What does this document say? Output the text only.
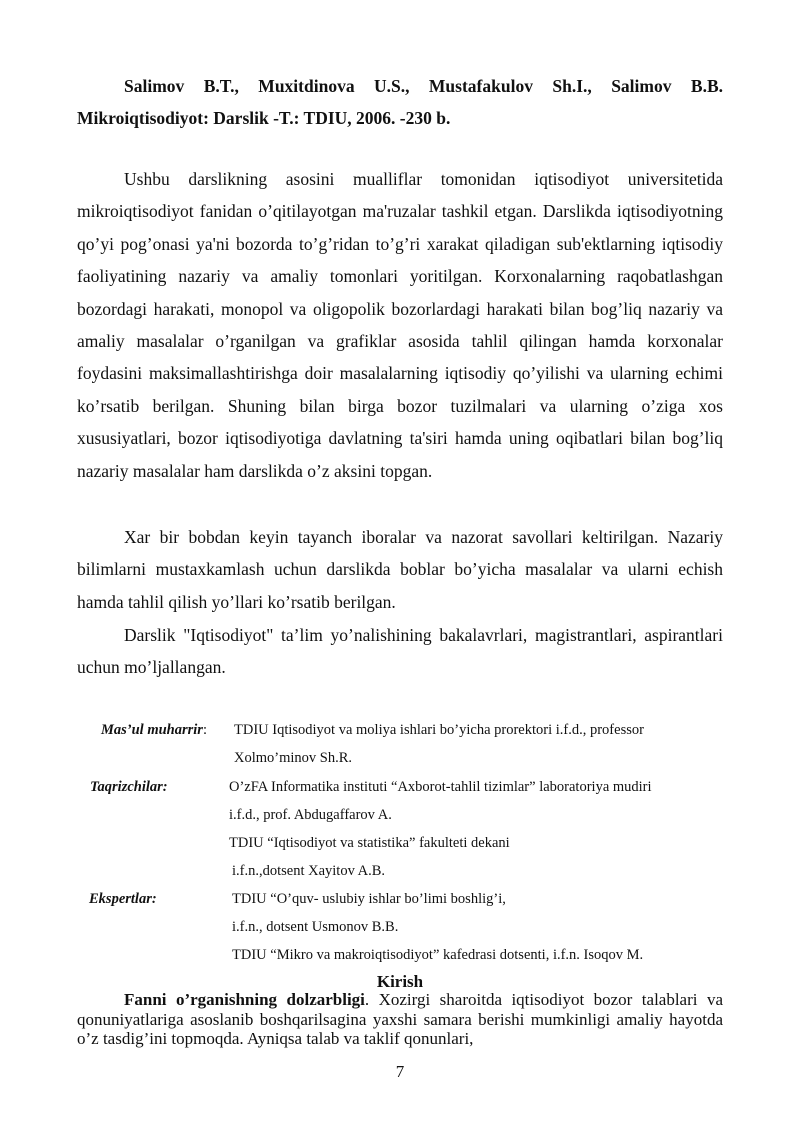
Salimov B.T., Muxitdinova U.S., Mustafakulov Sh.I., Salimov B.B. Mikroiqtisodiyot: Darslik -T.: TDIU, 2006. -230 b.

Ushbu darslikning asosini mualliflar tomonidan iqtisodiyot universitetida mikroiqtisodiyot fanidan o’qitilayotgan ma'ruzalar tashkil etgan. Darslikda iqtisodiyotning qo’yi pog’onasi ya'ni bozorda to’g’ridan to’g’ri xarakat qiladigan sub'ektlarning iqtisodiy faoliyatining nazariy va amaliy tomonlari yoritilgan. Korxonalarning raqobatlashgan bozordagi harakati, monopol va oligopolik bozorlardagi harakati bilan bog’liq nazariy va amaliy masalalar o’rganilgan va grafiklar asosida tahlil qilingan hamda korxonalar foydasini maksimallashtirishga doir masalalarning iqtisodiy qo’yilishi va ularning echimi ko’rsatib berilgan. Shuning bilan birga bozor tuzilmalari va ularning o’ziga xos xususiyatlari, bozor iqtisodiyotiga davlatning ta'siri hamda uning oqibatlari bilan bog’liq nazariy masalalar ham darslikda o’z aksini topgan.

Xar bir bobdan keyin tayanch iboralar va nazorat savollari keltirilgan. Nazariy bilimlarni mustaxkamlash uchun darslikda boblar bo’yicha masalalar va ularni echish hamda tahlil qilish yo’llari ko’rsatib berilgan.

Darslik "Iqtisodiyot" ta’lim yo’nalishining bakalavrlari, magistrantlari, aspirantlari uchun mo’ljallangan.

Mas’ul muharrir: TDIU Iqtisodiyot va moliya ishlari bo’yicha prorektori i.f.d., professor
Xolmo’minov Sh.R.
Taqrizchilar:	O’zFA Informatika instituti “Axborot-tahlil tizimlar” laboratoriya mudiri
i.f.d., prof. Abdugaffarov A.
TDIU “Iqtisodiyot va statistika” fakulteti dekani
i.f.n.,dotsent Xayitov A.B.
Ekspertlar:	TDIU “O’quv- uslubiy ishlar bo’limi boshlig’i,
i.f.n., dotsent Usmonov B.B.
TDIU “Mikro va makroiqtisodiyot” kafedrasi dotsenti, i.f.n. Isoqov M.
Kirish

Fanni o’rganishning dolzarbligi. Xozirgi sharoitda iqtisodiyot bozor talablari va qonuniyatlariga asoslanib boshqarilsagina yaxshi samara berishi mumkinligi amaliy hayotda o’z tasdig’ini topmoqda. Ayniqsa talab va taklif qonunlari,

7
